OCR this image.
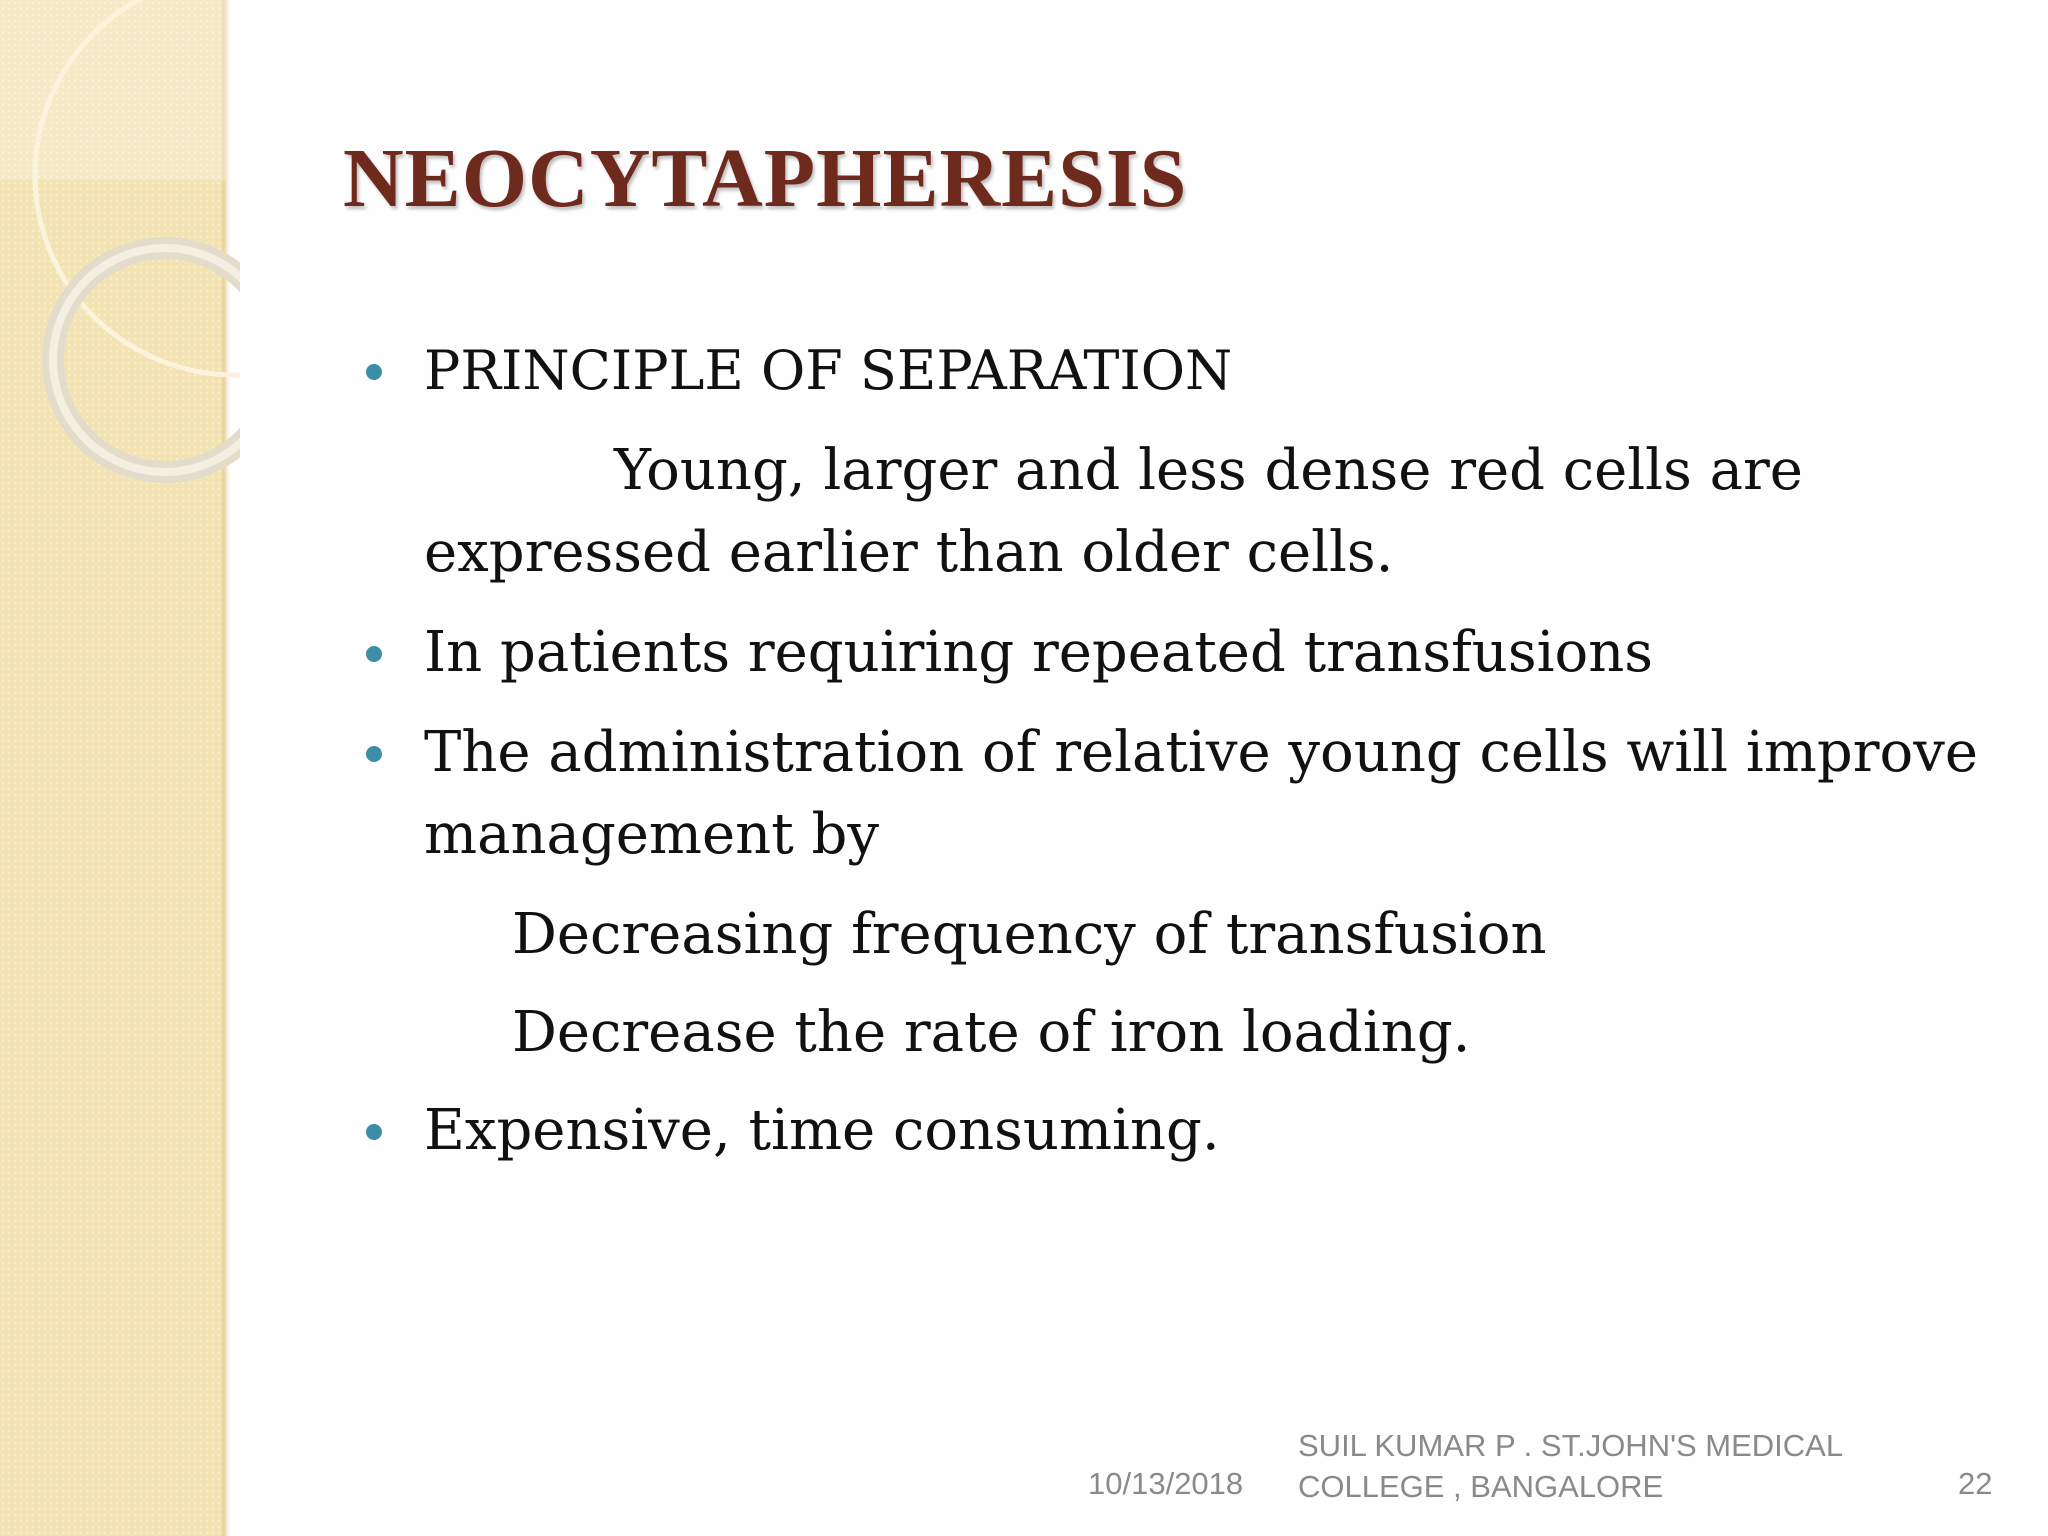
NEOCYTAPHERESIS
PRINCIPLE OF SEPARATION
Young, larger and less dense red cells are
expressed earlier than older cells.
In patients requiring repeated transfusions
The administration of relative young cells will improve
management by
Decreasing frequency of transfusion
Decrease the rate of iron loading.
Expensive, time consuming.
10/13/2018
SUIL KUMAR P . ST.JOHN'S MEDICAL
COLLEGE , BANGALORE	22
